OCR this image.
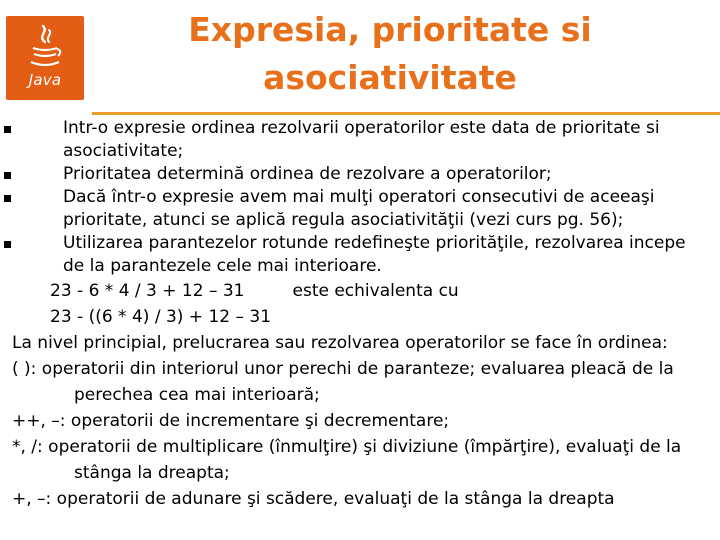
Java
Expresia, prioritate si asociativitate

Intr-o expresie ordinea rezolvarii operatorilor este data de prioritate si asociativitate;

Prioritatea determină ordinea de rezolvare a operatorilor;

Dacă într-o expresie avem mai mulţi operatori consecutivi de aceeaşi prioritate, atunci se aplică regula asociativităţii (vezi curs pg. 56);

Utilizarea parantezelor rotunde redefineşte priorităţile, rezolvarea incepe de la parantezele cele mai interioare.

23 - 6 * 4 / 3 + 12 – 31	este echivalenta cu

23 - ((6 * 4) / 3) + 12 – 31

La nivel principial, prelucrarea sau rezolvarea operatorilor se face în ordinea:

( ): operatorii din interiorul unor perechi de paranteze; evaluarea pleacă de la perechea cea mai interioară;

++, –: operatorii de incrementare şi decrementare;

*, /: operatorii de multiplicare (înmulţire) şi diviziune (împărţire), evaluaţi de la stânga la dreapta;

+, –: operatorii de adunare şi scădere, evaluaţi de la stânga la dreapta
